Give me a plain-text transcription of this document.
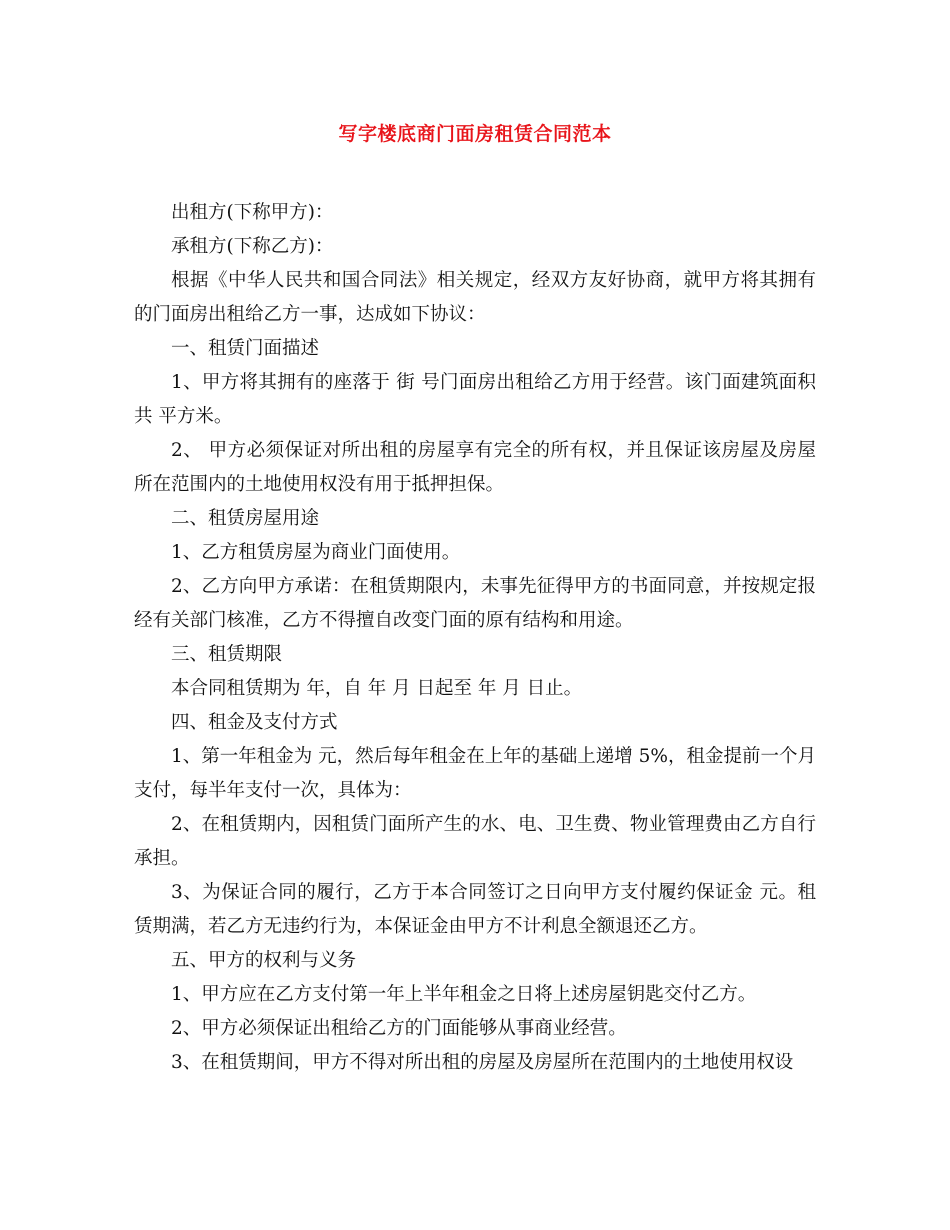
写字楼底商门面房租赁合同范本

出租方(下称甲方)：

承租方(下称乙方)：

根据《中华人民共和国合同法》相关规定，经双方友好协商，就甲方将其拥有的门面房出租给乙方一事，达成如下协议：

一、租赁门面描述

1、甲方将其拥有的座落于 街 号门面房出租给乙方用于经营。该门面建筑面积共 平方米。

2、 甲方必须保证对所出租的房屋享有完全的所有权，并且保证该房屋及房屋所在范围内的土地使用权没有用于抵押担保。

二、租赁房屋用途

1、乙方租赁房屋为商业门面使用。

2、乙方向甲方承诺：在租赁期限内，未事先征得甲方的书面同意，并按规定报经有关部门核准，乙方不得擅自改变门面的原有结构和用途。

三、租赁期限

本合同租赁期为 年，自 年 月 日起至 年 月 日止。

四、租金及支付方式

1、第一年租金为 元，然后每年租金在上年的基础上递增 5%，租金提前一个月支付，每半年支付一次，具体为：

2、在租赁期内，因租赁门面所产生的水、电、卫生费、物业管理费由乙方自行承担。

3、为保证合同的履行，乙方于本合同签订之日向甲方支付履约保证金 元。租赁期满，若乙方无违约行为，本保证金由甲方不计利息全额退还乙方。

五、甲方的权利与义务

1、甲方应在乙方支付第一年上半年租金之日将上述房屋钥匙交付乙方。

2、甲方必须保证出租给乙方的门面能够从事商业经营。

3、在租赁期间，甲方不得对所出租的房屋及房屋所在范围内的土地使用权设
